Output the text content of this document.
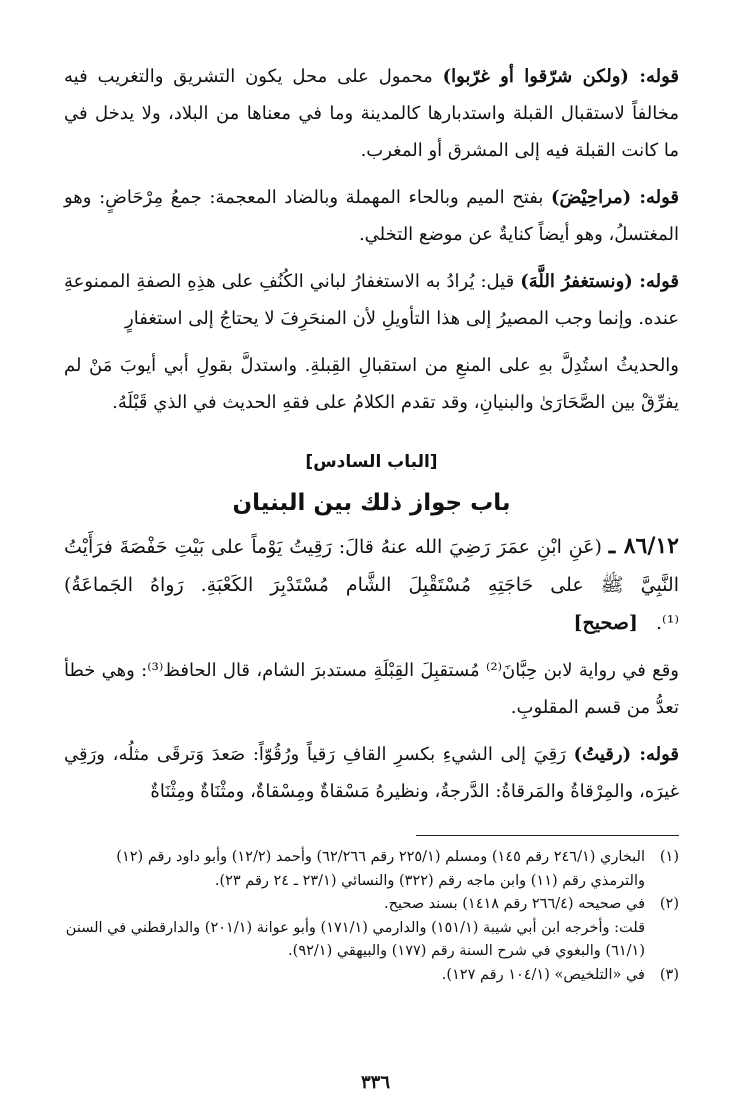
قوله: (ولكن شرّقوا أو غرّبوا) محمول على محل يكون التشريق والتغريب فيه مخالفاً لاستقبال القبلة واستدبارها كالمدينة وما في معناها من البلاد، ولا يدخل في ما كانت القبلة فيه إلى المشرق أو المغرب.

قوله: (مراحِيْضَ) بفتح الميم وبالحاء المهملة وبالضاد المعجمة: جمعُ مِرْحَاضٍ: وهو المغتسلُ، وهو أيضاً كنايةٌ عن موضع التخلي.

قوله: (ونستغفرُ اللَّهَ) قيل: يُرادُ به الاستغفارُ لباني الكُنُفِ على هذِهِ الصفةِ الممنوعةِ عنده. وإنما وجب المصيرُ إلى هذا التأويلِ لأن المنحَرِفَ لا يحتاجُ إلى استغفارٍ

والحديثُ استُدِلَّ بهِ على المنعِ من استقبالِ القِبلةِ. واستدلَّ بقولِ أبي أيوبَ مَنْ لم يفرِّقْ بين الصَّحَارَىٰ والبنيانِ، وقد تقدم الكلامُ على فقهِ الحديث في الذي قَبْلَهُ.

[الباب السادس]
باب جواز ذلك بين البنيان

٨٦/١٢ ـ (عَنِ ابْنِ عمَرَ رَضِيَ الله عنهُ قالَ: رَقِيتُ يَوْماً على بَيْتِ حَفْصَةَ فرَأَيْتُ النَّبِيَّ ﷺ على حَاجَتِهِ مُسْتَقْبِلَ الشَّام مُسْتَدْبِرَ الكَعْبَةِ. رَواهُ الجَماعَةُ)⁽¹⁾.   [صحيح]

وقع في رواية لابن حِبَّانَ⁽²⁾ مُستقبِلَ القِبْلَةِ مستدبرَ الشام، قال الحافظ⁽³⁾: وهي خطأ تعدُّ من قسم المقلوبِ.

قوله: (رقيتُ) رَقِيَ إلى الشيءِ بكسرِ القافِ رَقياً ورُقُوّاً: صَعدَ وَترقَى مثلُه، ورَقِي غيرَه، والمِرْقاةُ والمَرقاةُ: الدَّرجةُ، ونظيرهُ مَسْقاةٌ ومِسْقاةٌ، ومثْنَاةٌ ومِثْنَاةٌ

(١)
البخاري (٢٤٦/١ رقم ١٤٥) ومسلم (٢٢٥/١ رقم ٦٢/٢٦٦) وأحمد (١٢/٢) وأبو داود رقم (١٢) والترمذي رقم (١١) وابن ماجه رقم (٣٢٢) والنسائي (٢٣/١ ـ ٢٤ رقم ٢٣).
(٢)
في صحيحه (٢٦٦/٤ رقم ١٤١٨) بسند صحيح.
قلت: وأخرجه ابن أبي شيبة (١٥١/١) والدارمي (١٧١/١) وأبو عوانة (٢٠١/١) والدارقطني في السنن (٦١/١) والبغوي في شرح السنة رقم (١٧٧) والبيهقي (٩٢/١).
(٣)
في «التلخيص» (١٠٤/١ رقم ١٢٧).
٣٣٦
